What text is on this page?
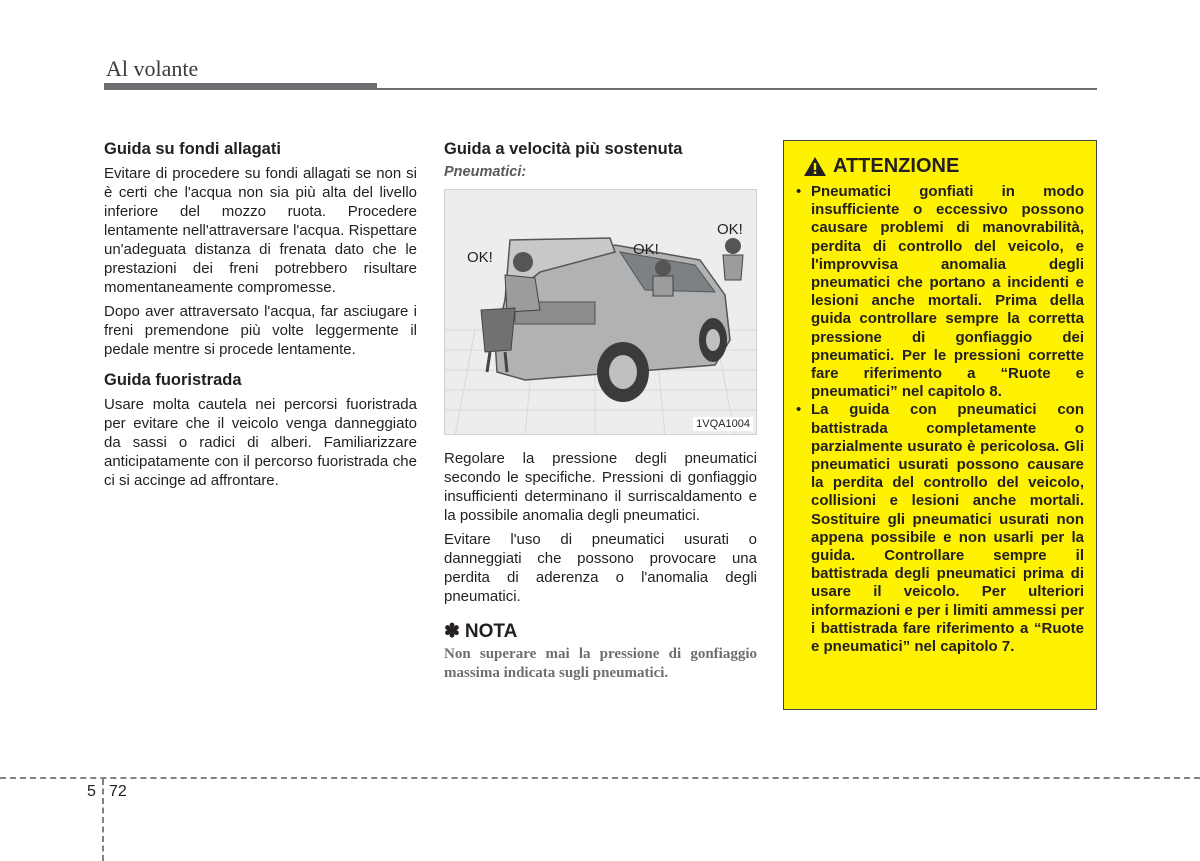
Al volante
Guida su fondi allagati

Evitare di procedere su fondi allagati se non si è certi che l'acqua non sia più alta del livello inferiore del mozzo ruota. Procedere lentamente nell'attraversare l'acqua. Rispettare un'adeguata distanza di frenata dato che le prestazioni dei freni potrebbero risultare momentaneamente compromesse.

Dopo aver attraversato l'acqua, far asciugare i freni premendone più volte leggermente il pedale mentre si procede lentamente.

Guida fuoristrada

Usare molta cautela nei percorsi fuoristrada per evitare che il veicolo venga danneggiato da sassi o radici di alberi. Familiarizzare anticipatamente con il percorso fuoristrada che ci si accinge ad affrontare.

Guida a velocità più sostenuta
Pneumatici:
OK!	OK!
OK!
1VQA1004

Regolare la pressione degli pneumatici secondo le specifiche. Pressioni di gonfiaggio insufficienti determinano il surriscaldamento e la possibile anomalia degli pneumatici.

Evitare l'uso di pneumatici usurati o danneggiati che possono provocare una perdita di aderenza o l'anomalia degli pneumatici.

✽ NOTA

Non superare mai la pressione di gonfiaggio massima indicata sugli pneumatici.

ATTENZIONE
• Pneumatici gonfiati in modo insufficiente o eccessivo possono causare problemi di manovrabilità, perdita di controllo del veicolo, e l'improvvisa anomalia degli pneumatici che portano a incidenti e lesioni anche mortali. Prima della guida controllare sempre la corretta pressione di gonfiaggio dei pneumatici. Per le pressioni corrette fare riferimento a “Ruote e pneumatici” nel capitolo 8.
• La guida con pneumatici con battistrada completamente o parzialmente usurato è pericolosa. Gli pneumatici usurati possono causare la perdita del controllo del veicolo, collisioni e lesioni anche mortali. Sostituire gli pneumatici usurati non appena possibile e non usarli per la guida. Controllare sempre il battistrada degli pneumatici prima di usare il veicolo. Per ulteriori informazioni e per i limiti ammessi per i battistrada fare riferimento a “Ruote e pneumatici” nel capitolo 7.
5 72
